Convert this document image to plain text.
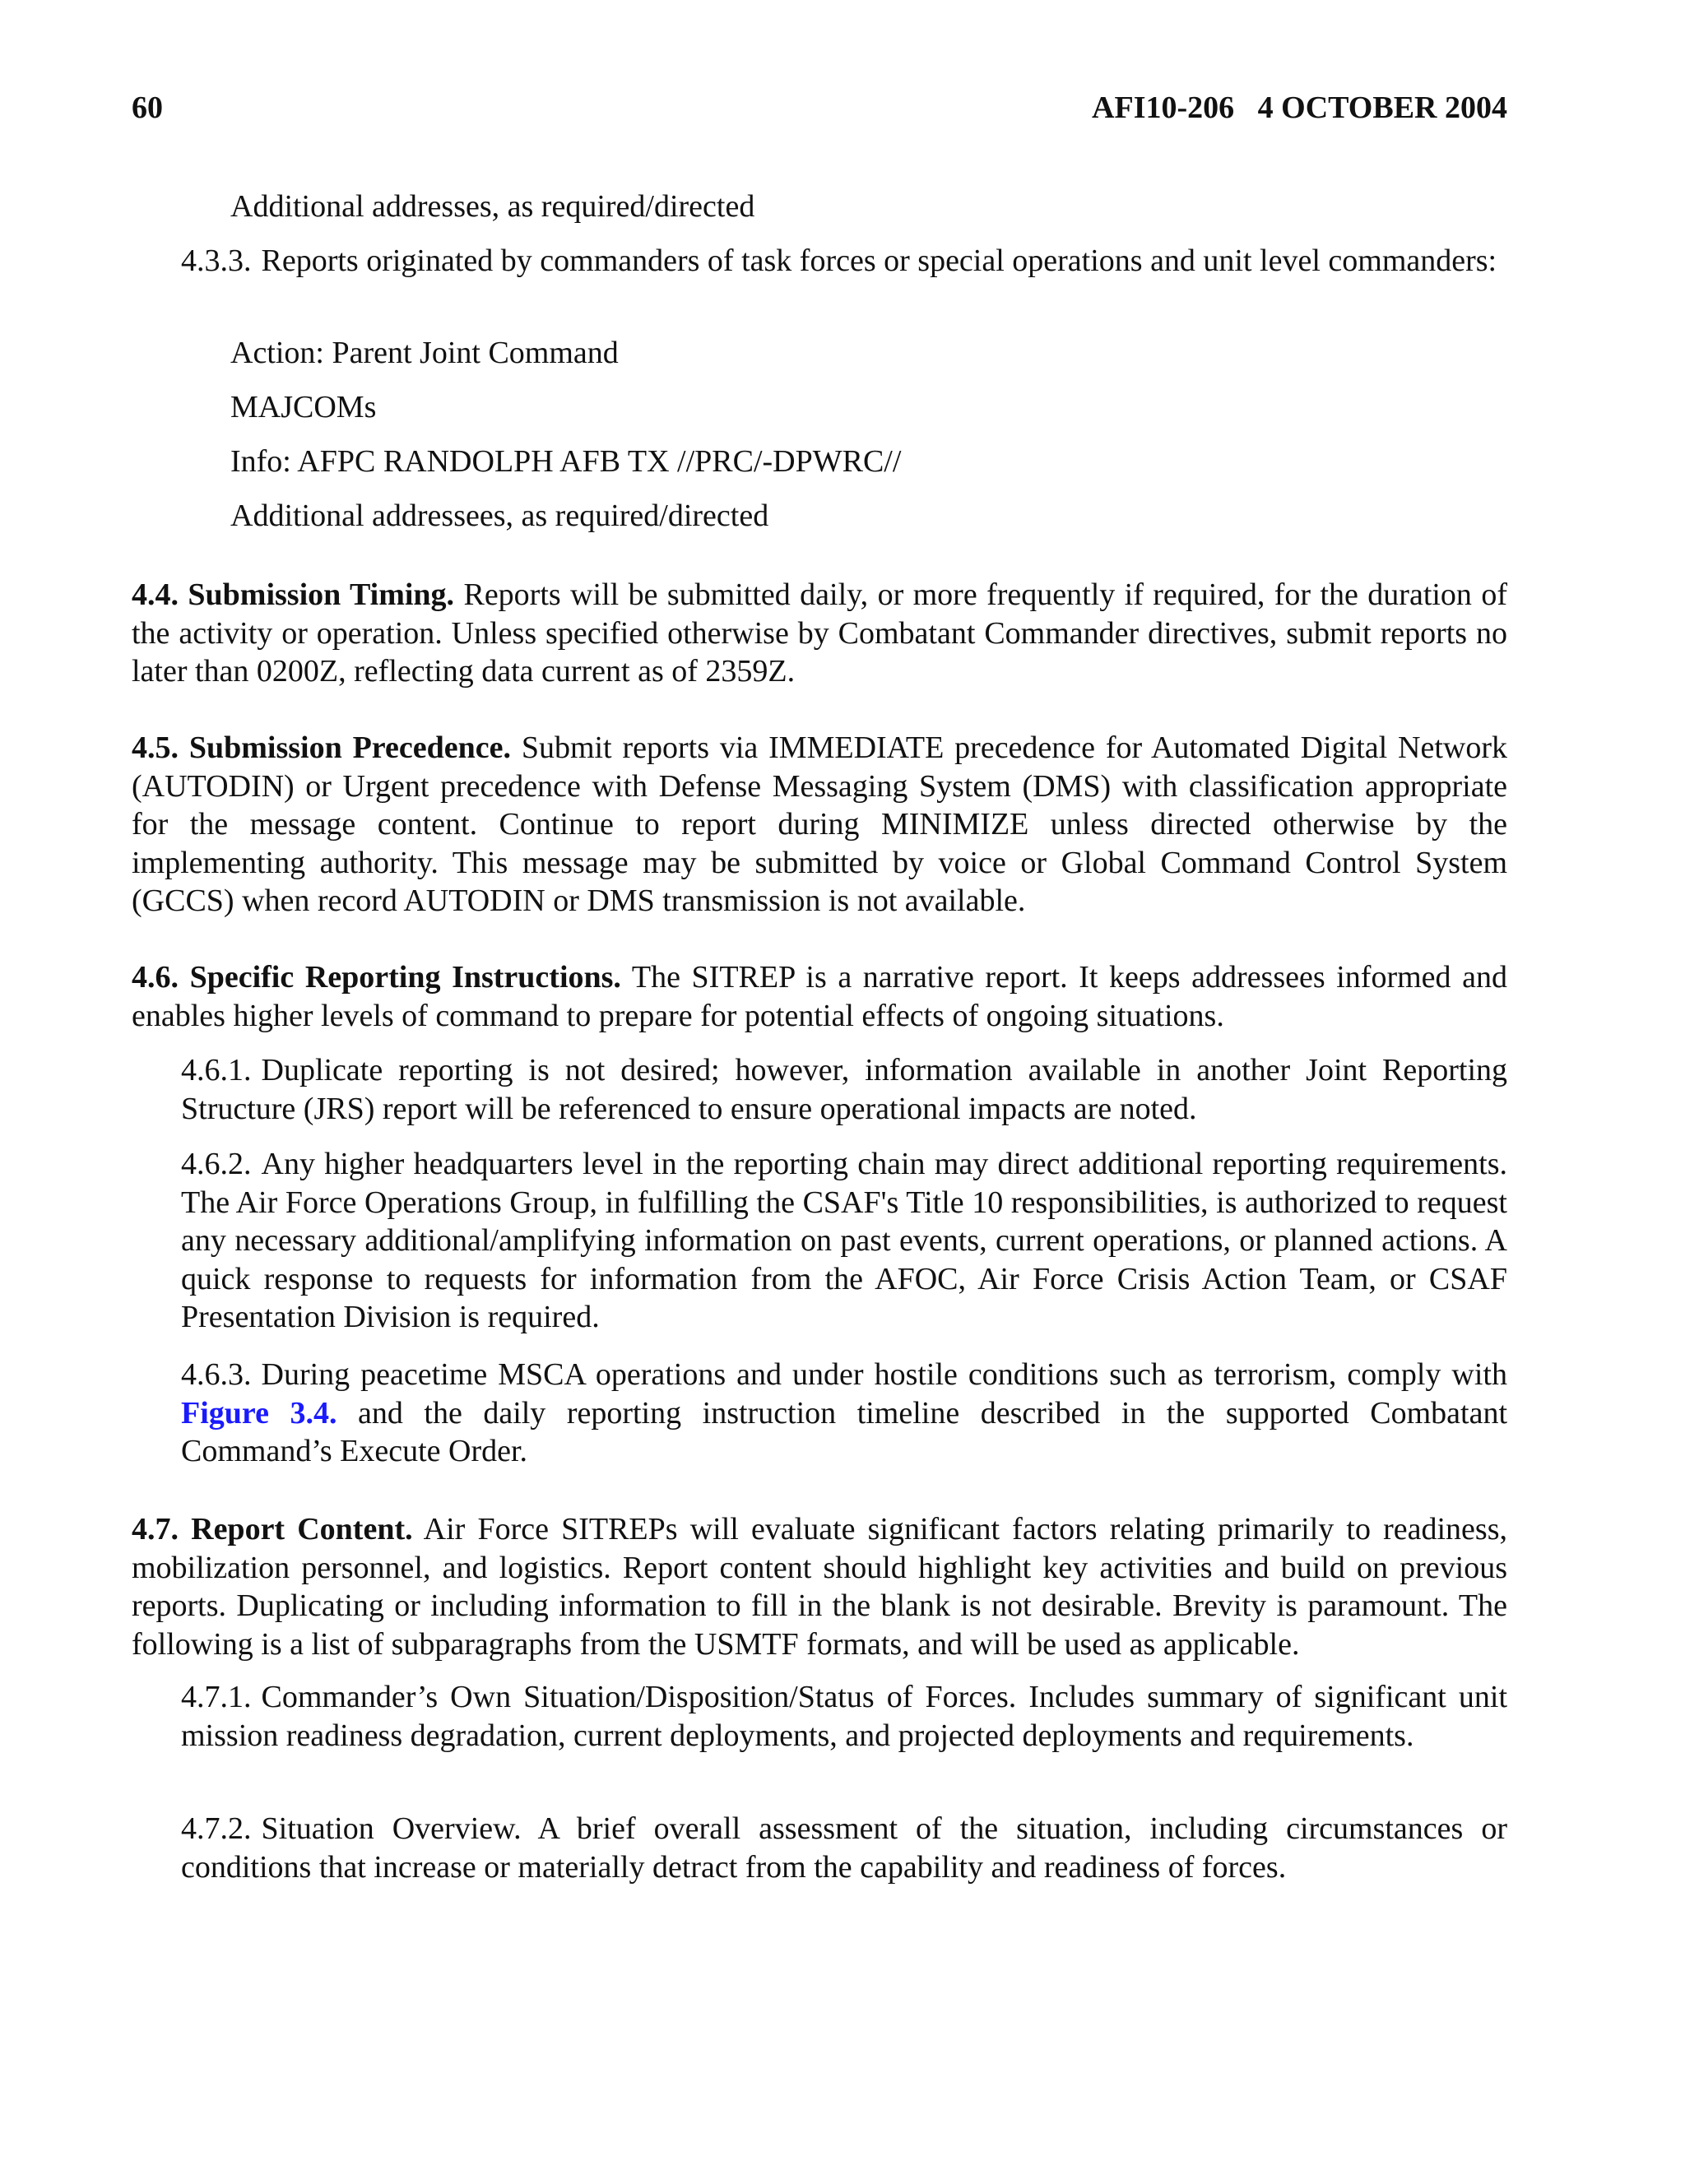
60	AFI10-206   4 OCTOBER 2004

Additional addresses, as required/directed

4.3.3. Reports originated by commanders of task forces or special operations and unit level commanders:

Action: Parent Joint Command

MAJCOMs

Info: AFPC RANDOLPH AFB TX //PRC/-DPWRC//

Additional addressees, as required/directed

4.4. Submission Timing. Reports will be submitted daily, or more frequently if required, for the duration of the activity or operation. Unless specified otherwise by Combatant Commander directives, submit reports no later than 0200Z, reflecting data current as of 2359Z.

4.5. Submission Precedence. Submit reports via IMMEDIATE precedence for Automated Digital Network (AUTODIN) or Urgent precedence with Defense Messaging System (DMS) with classification appropriate for the message content. Continue to report during MINIMIZE unless directed otherwise by the implementing authority. This message may be submitted by voice or Global Command Control System (GCCS) when record AUTODIN or DMS transmission is not available.

4.6. Specific Reporting Instructions. The SITREP is a narrative report. It keeps addressees informed and enables higher levels of command to prepare for potential effects of ongoing situations.

4.6.1. Duplicate reporting is not desired; however, information available in another Joint Reporting Structure (JRS) report will be referenced to ensure operational impacts are noted.

4.6.2. Any higher headquarters level in the reporting chain may direct additional reporting requirements. The Air Force Operations Group, in fulfilling the CSAF's Title 10 responsibilities, is authorized to request any necessary additional/amplifying information on past events, current operations, or planned actions. A quick response to requests for information from the AFOC, Air Force Crisis Action Team, or CSAF Presentation Division is required.

4.6.3. During peacetime MSCA operations and under hostile conditions such as terrorism, comply with Figure 3.4. and the daily reporting instruction timeline described in the supported Combatant Command’s Execute Order.

4.7. Report Content. Air Force SITREPs will evaluate significant factors relating primarily to readiness, mobilization personnel, and logistics. Report content should highlight key activities and build on previous reports. Duplicating or including information to fill in the blank is not desirable. Brevity is paramount. The following is a list of subparagraphs from the USMTF formats, and will be used as applicable.

4.7.1. Commander’s Own Situation/Disposition/Status of Forces. Includes summary of significant unit mission readiness degradation, current deployments, and projected deployments and requirements.

4.7.2. Situation Overview. A brief overall assessment of the situation, including circumstances or conditions that increase or materially detract from the capability and readiness of forces.
